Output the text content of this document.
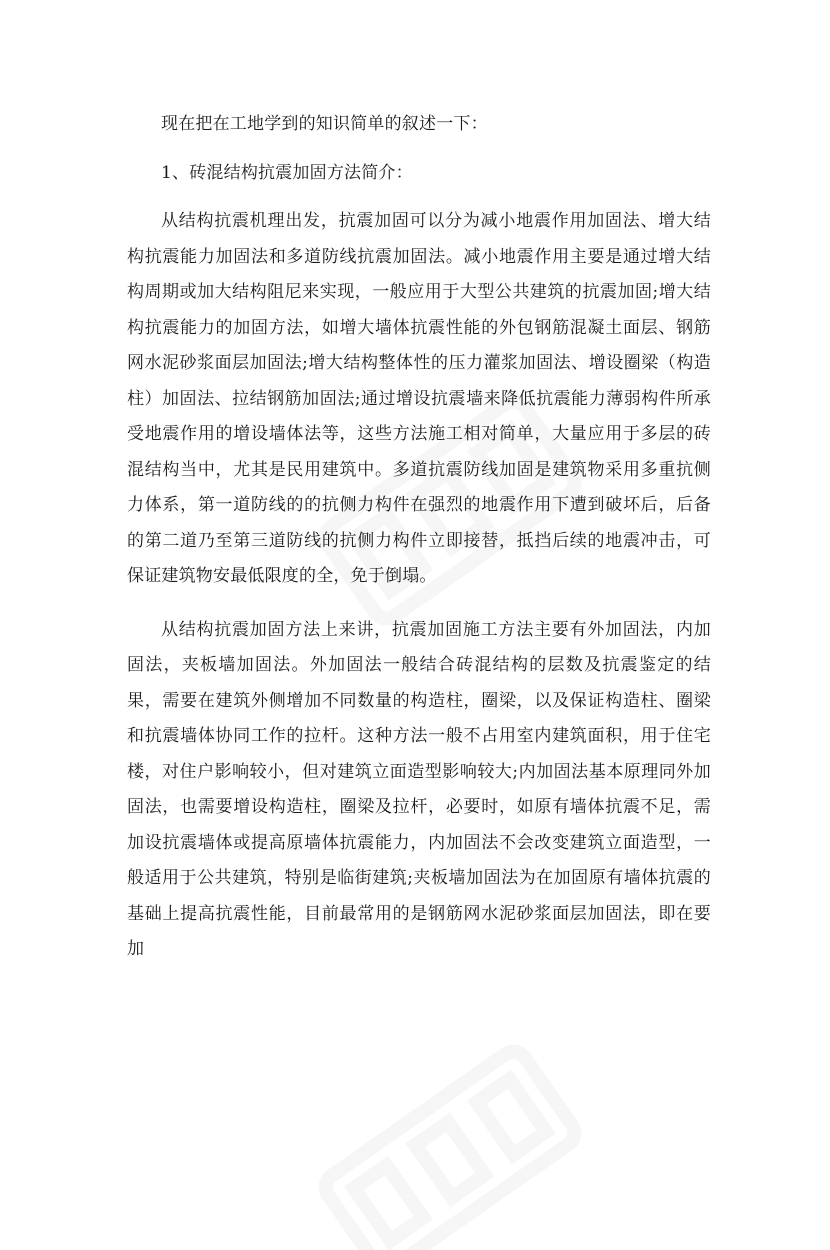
现在把在工地学到的知识简单的叙述一下：

1、砖混结构抗震加固方法简介：

从结构抗震机理出发，抗震加固可以分为减小地震作用加固法、增大结构抗震能力加固法和多道防线抗震加固法。减小地震作用主要是通过增大结构周期或加大结构阻尼来实现，一般应用于大型公共建筑的抗震加固;增大结构抗震能力的加固方法，如增大墙体抗震性能的外包钢筋混凝土面层、钢筋网水泥砂浆面层加固法;增大结构整体性的压力灌浆加固法、增设圈梁（构造柱）加固法、拉结钢筋加固法;通过增设抗震墙来降低抗震能力薄弱构件所承受地震作用的增设墙体法等，这些方法施工相对简单，大量应用于多层的砖混结构当中，尤其是民用建筑中。多道抗震防线加固是建筑物采用多重抗侧力体系，第一道防线的的抗侧力构件在强烈的地震作用下遭到破坏后，后备的第二道乃至第三道防线的抗侧力构件立即接替，抵挡后续的地震冲击，可保证建筑物安最低限度的全，免于倒塌。

从结构抗震加固方法上来讲，抗震加固施工方法主要有外加固法，内加固法，夹板墙加固法。外加固法一般结合砖混结构的层数及抗震鉴定的结果，需要在建筑外侧增加不同数量的构造柱，圈梁，以及保证构造柱、圈梁和抗震墙体协同工作的拉杆。这种方法一般不占用室内建筑面积，用于住宅楼，对住户影响较小，但对建筑立面造型影响较大;内加固法基本原理同外加固法，也需要增设构造柱，圈梁及拉杆，必要时，如原有墙体抗震不足，需加设抗震墙体或提高原墙体抗震能力，内加固法不会改变建筑立面造型，一般适用于公共建筑，特别是临街建筑;夹板墙加固法为在加固原有墙体抗震的基础上提高抗震性能，目前最常用的是钢筋网水泥砂浆面层加固法，即在要加
